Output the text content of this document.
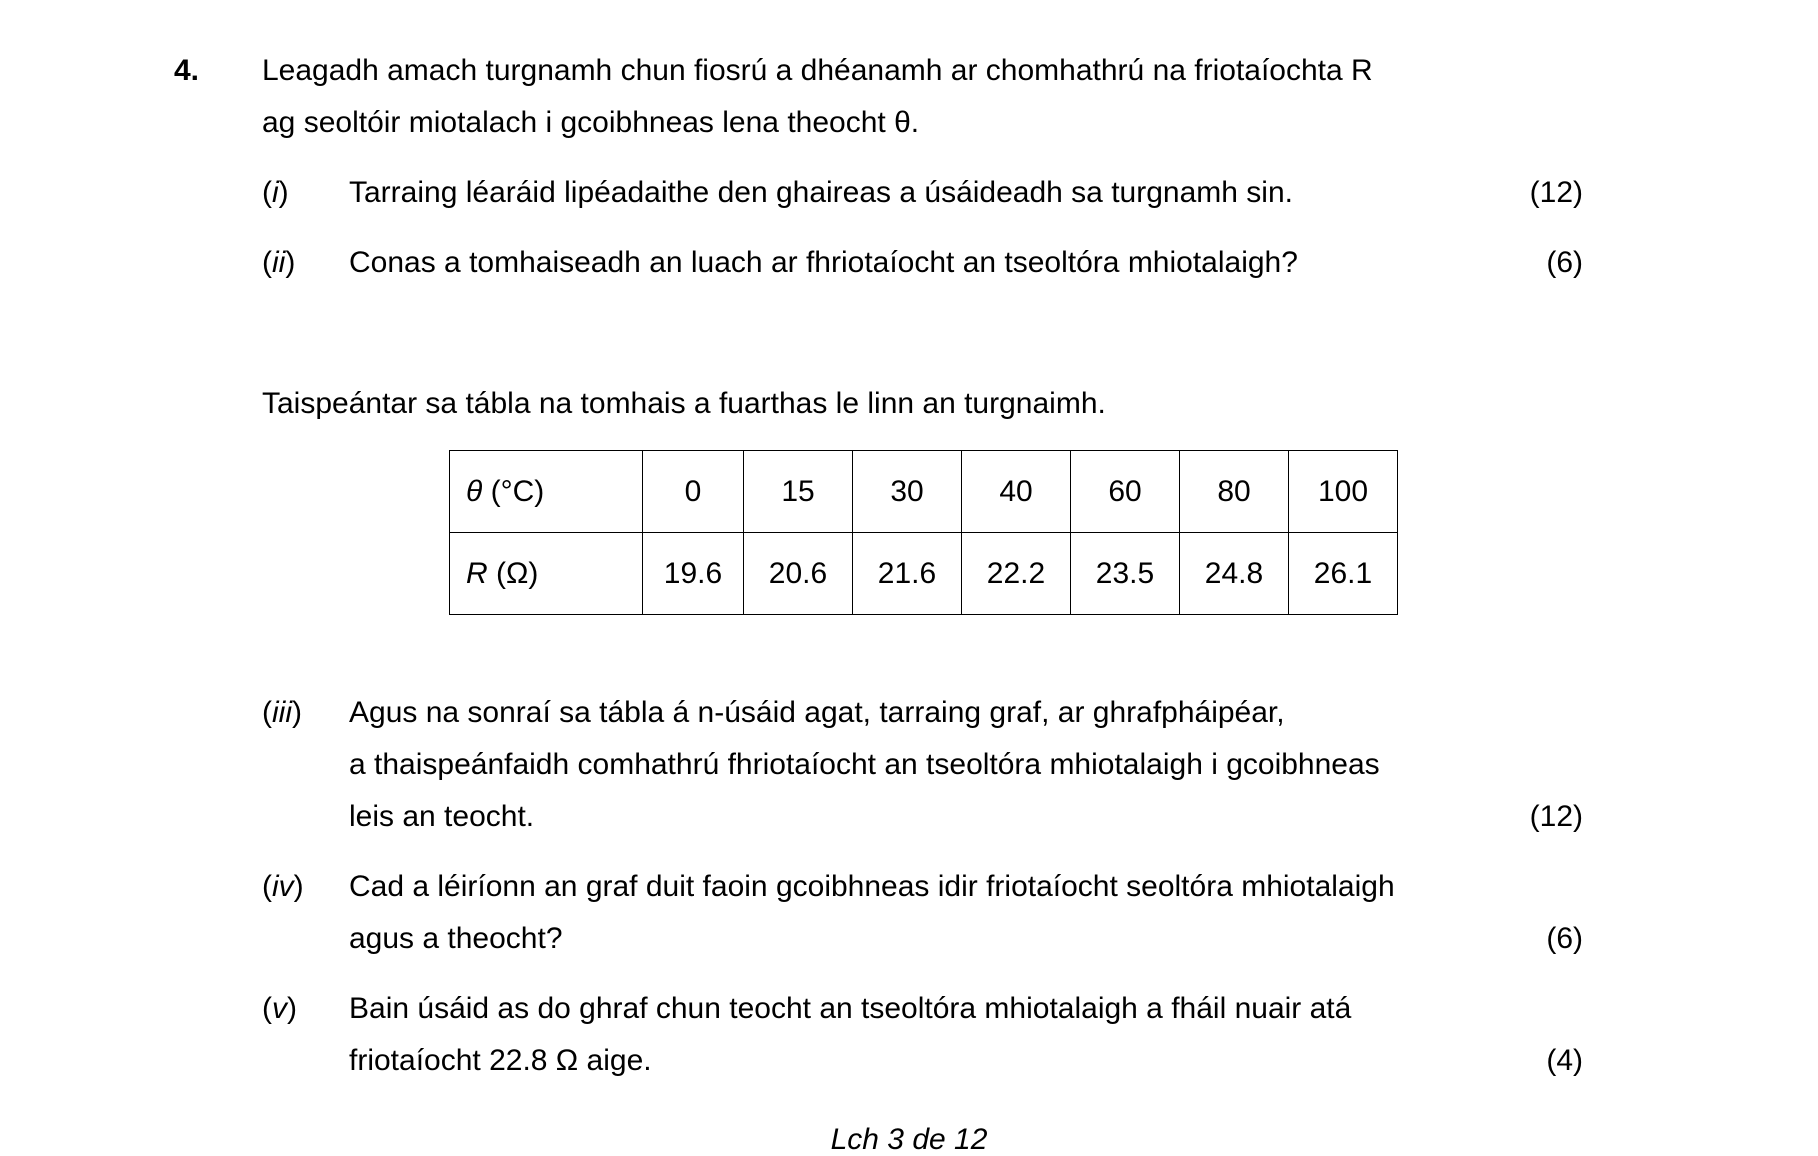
4. Leagadh amach turgnamh chun fiosrú a dhéanamh ar chomhathrú na friotaíochta R
ag seoltóir miotalach i gcoibhneas lena theocht θ.
(i) Tarraing léaráid lipéadaithe den ghaireas a úsáideadh sa turgnamh sin.	(12)
(ii) Conas a tomhaiseadh an luach ar fhriotaíocht an tseoltóra mhiotalaigh?	(6)
Taispeántar sa tábla na tomhais a fuarthas le linn an turgnaimh.
θ (°C)	0	15	30	40	60	80	100
R (Ω)	19.6	20.6	21.6	22.2	23.5	24.8	26.1
(iii) Agus na sonraí sa tábla á n-úsáid agat, tarraing graf, ar ghrafpháipéar,
a thaispeánfaidh comhathrú fhriotaíocht an tseoltóra mhiotalaigh i gcoibhneas
leis an teocht.	(12)
(iv) Cad a léiríonn an graf duit faoin gcoibhneas idir friotaíocht seoltóra mhiotalaigh
agus a theocht?	(6)
(v) Bain úsáid as do ghraf chun teocht an tseoltóra mhiotalaigh a fháil nuair atá
friotaíocht 22.8 Ω aige.	(4)
Lch 3 de 12
